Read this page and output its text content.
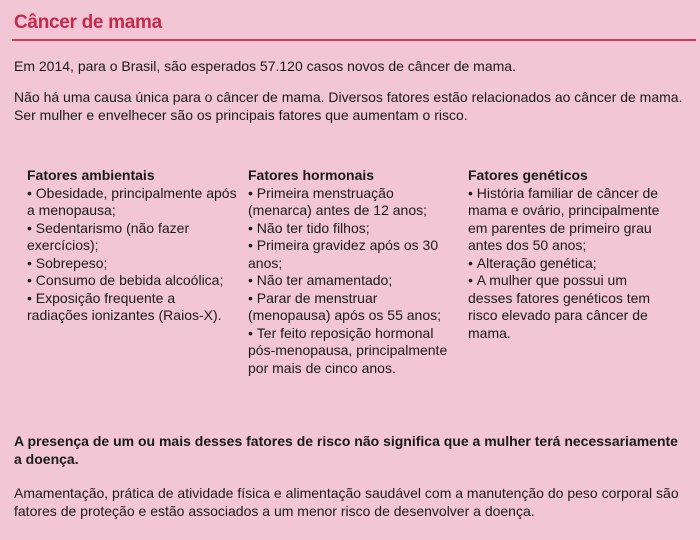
Câncer de mama

Em 2014, para o Brasil, são esperados 57.120 casos novos de câncer de mama.

Não há uma causa única para o câncer de mama. Diversos fatores estão relacionados ao câncer de mama. Ser mulher e envelhecer são os principais fatores que aumentam o risco.

Fatores ambientais
• Obesidade, principalmente após a menopausa;
• Sedentarismo (não fazer exercícios);
• Sobrepeso;
• Consumo de bebida alcoólica;
• Exposição frequente a radiações ionizantes (Raios-X).
Fatores hormonais
• Primeira menstruação (menarca) antes de 12 anos;
• Não ter tido filhos;
• Primeira gravidez após os 30 anos;
• Não ter amamentado;
• Parar de menstruar (menopausa) após os 55 anos;
• Ter feito reposição hormonal pós-menopausa, principalmente por mais de cinco anos.
Fatores genéticos
• História familiar de câncer de mama e ovário, principalmente em parentes de primeiro grau antes dos 50 anos;
• Alteração genética;
• A mulher que possui um desses fatores genéticos tem risco elevado para câncer de mama.

A presença de um ou mais desses fatores de risco não significa que a mulher terá necessariamente a doença.

Amamentação, prática de atividade física e alimentação saudável com a manutenção do peso corporal são fatores de proteção e estão associados a um menor risco de desenvolver a doença.
